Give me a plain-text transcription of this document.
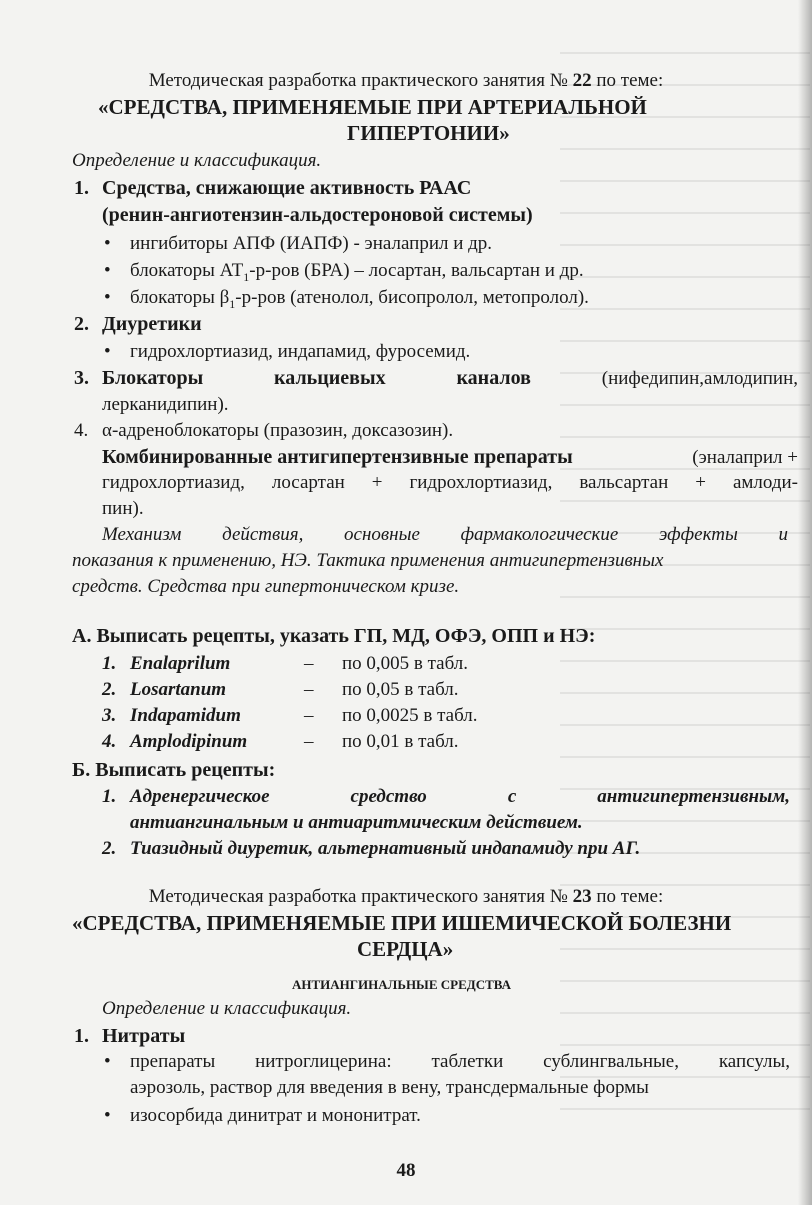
Методическая разработка практического занятия № 22 по теме:
«СРЕДСТВА, ПРИМЕНЯЕМЫЕ ПРИ АРТЕРИАЛЬНОЙ
ГИПЕРТОНИИ»
Определение и классификация.
1. Средства, снижающие активность РААС
(ренин-ангиотензин-альдостероновой системы)
• ингибиторы АПФ (ИАПФ) - эналаприл и др.
• блокаторы $АТ_1-р$-ров (БРА) – лосартан, вальсартан и др.
• блокаторы $\beta_1-р$-ров (атенолол, бисопролол, метопролол).
2. Диуретики
• гидрохлортиазид, индапамид, фуросемид.
3. Блокаторы	кальциевых	каналов	(нифедипин,амлодипин,
лерканидипин).
4. α-адреноблокаторы (празозин, доксазозин).
Комбинированные антигипертензивные препараты	(эналаприл +
гидрохлортиазид, лосартан + гидрохлортиазид, вальсартан + амлоди-
пин).
Механизм действия, основные фармакологические эффекты и
показания к применению, НЭ. Тактика применения антигипертензивных
средств. Средства при гипертоническом кризе.
А. Выписать рецепты, указать ГП, МД, ОФЭ, ОПП и НЭ:
1. Enalaprilum	– по 0,005 в табл.
2. Losartanum	– по 0,05 в табл.
3. Indapamidum	– по 0,0025 в табл.
4. Amplodipinum	– по 0,01 в табл.
Б. Выписать рецепты:
1. Адренергическое средство с антигипертензивным,
антиангинальным и антиаритмическим действием.
2. Тиазидный диуретик, альтернативный индапамиду при АГ.
Методическая разработка практического занятия № 23 по теме:
«СРЕДСТВА, ПРИМЕНЯЕМЫЕ ПРИ ИШЕМИЧЕСКОЙ БОЛЕЗНИ
СЕРДЦА»
АНТИАНГИНАЛЬНЫЕ СРЕДСТВА
Определение и классификация.
1. Нитраты
• препараты нитроглицерина: таблетки сублингвальные, капсулы,
аэрозоль, раствор для введения в вену, трансдермальные формы
• изосорбида динитрат и мононитрат.
48
